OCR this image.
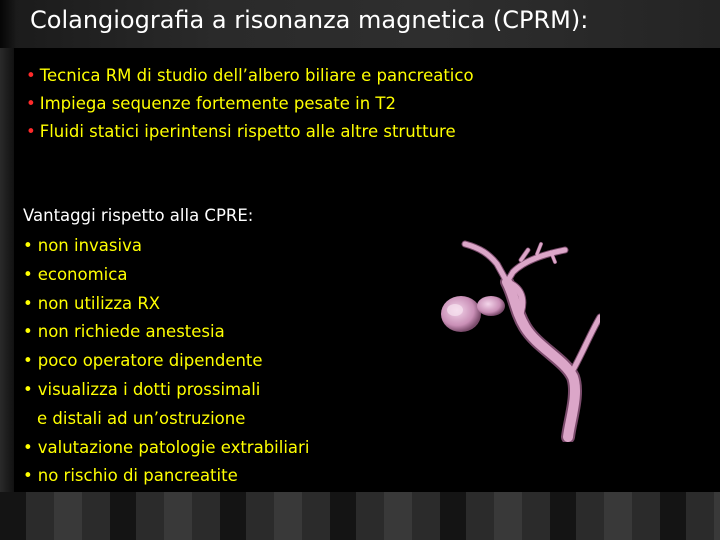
Colangiografia a risonanza magnetica (CPRM):
• Tecnica RM di studio dell’albero biliare e pancreatico
• Impiega sequenze fortemente pesate in T2
• Fluidi statici iperintensi rispetto alle altre strutture
Vantaggi rispetto alla CPRE:
• non invasiva
• economica
• non utilizza RX
• non richiede anestesia
• poco operatore dipendente
• visualizza i dotti prossimali
e distali ad un’ostruzione
• valutazione patologie extrabiliari
• no rischio di pancreatite
